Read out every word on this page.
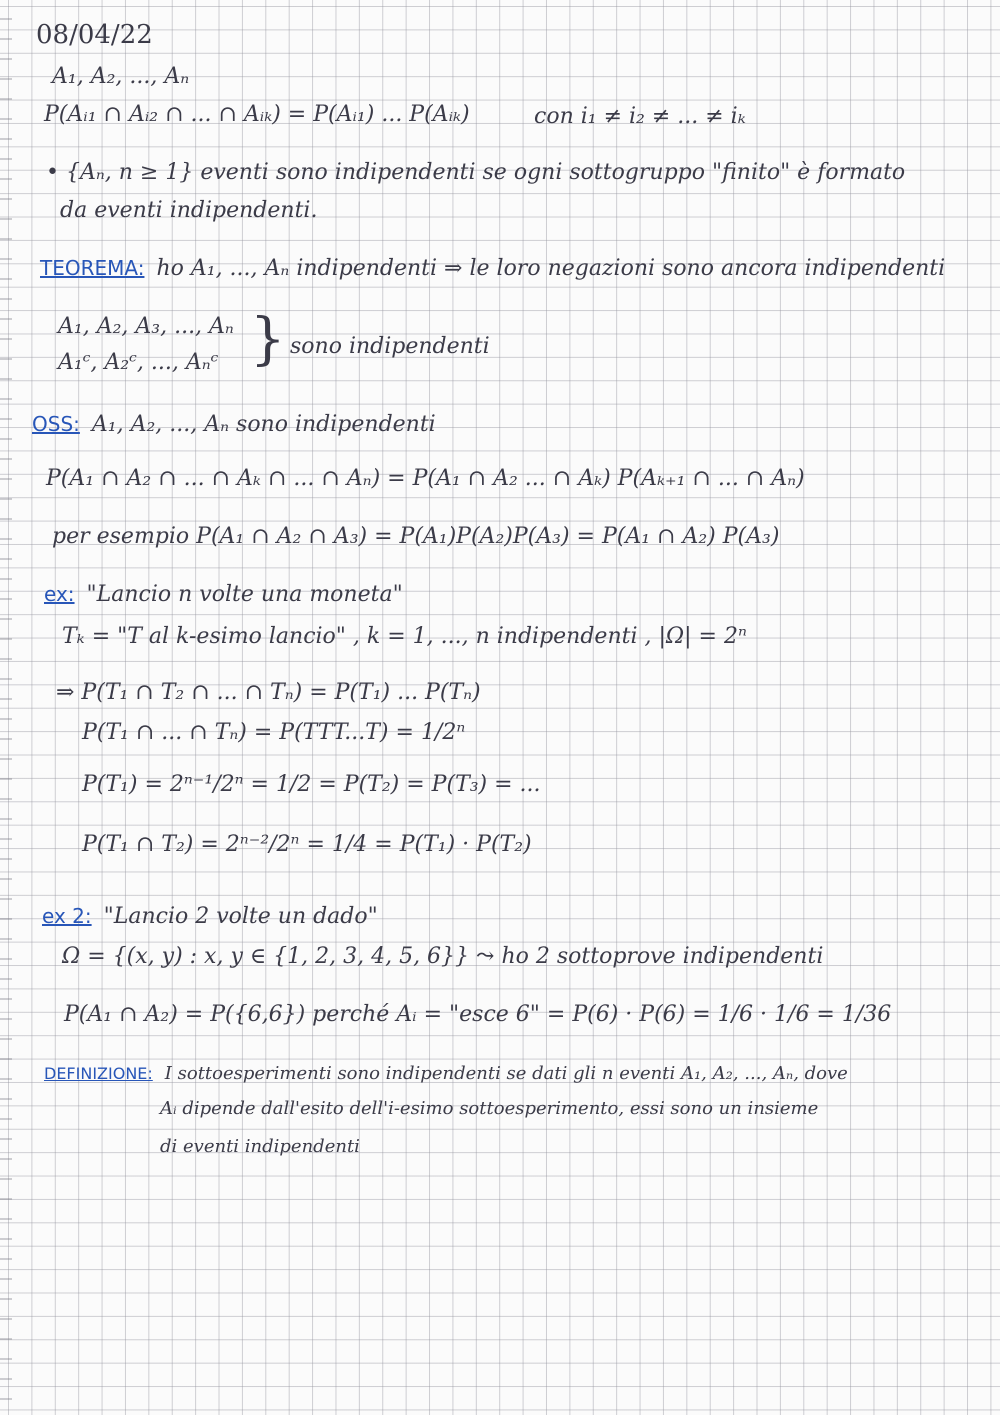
08/04/22
A₁, A₂, ..., Aₙ
P(Aᵢ₁ ∩ Aᵢ₂ ∩ ... ∩ Aᵢₖ) = P(Aᵢ₁) ... P(Aᵢₖ)	con i₁ ≠ i₂ ≠ ... ≠ iₖ
• {Aₙ, n ≥ 1} eventi sono indipendenti se ogni sottogruppo "finito" è formato
da eventi indipendenti.
TEOREMA: ho A₁, ..., Aₙ indipendenti ⇒ le loro negazioni sono ancora indipendenti
A₁, A₂, A₃, ..., Aₙ
A₁ᶜ, A₂ᶜ, ..., Aₙᶜ } sono indipendenti
OSS: A₁, A₂, ..., Aₙ sono indipendenti
P(A₁ ∩ A₂ ∩ ... ∩ Aₖ ∩ ... ∩ Aₙ) = P(A₁ ∩ A₂ ... ∩ Aₖ) P(Aₖ₊₁ ∩ ... ∩ Aₙ)
per esempio P(A₁ ∩ A₂ ∩ A₃) = P(A₁)P(A₂)P(A₃) = P(A₁ ∩ A₂) P(A₃)
ex: "Lancio n volte una moneta"
Tₖ = "T al k-esimo lancio" , k = 1, ..., n indipendenti , |Ω| = 2ⁿ
⇒ P(T₁ ∩ T₂ ∩ ... ∩ Tₙ) = P(T₁) ... P(Tₙ)
P(T₁ ∩ ... ∩ Tₙ) = P(TTT...T) = 1/2ⁿ
P(T₁) = 2ⁿ⁻¹/2ⁿ = 1/2 = P(T₂) = P(T₃) = ...
P(T₁ ∩ T₂) = 2ⁿ⁻²/2ⁿ = 1/4 = P(T₁) · P(T₂)
ex 2: "Lancio 2 volte un dado"
Ω = {(x, y) : x, y ∈ {1, 2, 3, 4, 5, 6}} ⤳ ho 2 sottoprove indipendenti
P(A₁ ∩ A₂) = P({6,6}) perché Aᵢ = "esce 6" = P(6) · P(6) = 1/6 · 1/6 = 1/36
DEFINIZIONE: I sottoesperimenti sono indipendenti se dati gli n eventi A₁, A₂, ..., Aₙ, dove
Aᵢ dipende dall'esito dell'i-esimo sottoesperimento, essi sono un insieme
di eventi indipendenti
